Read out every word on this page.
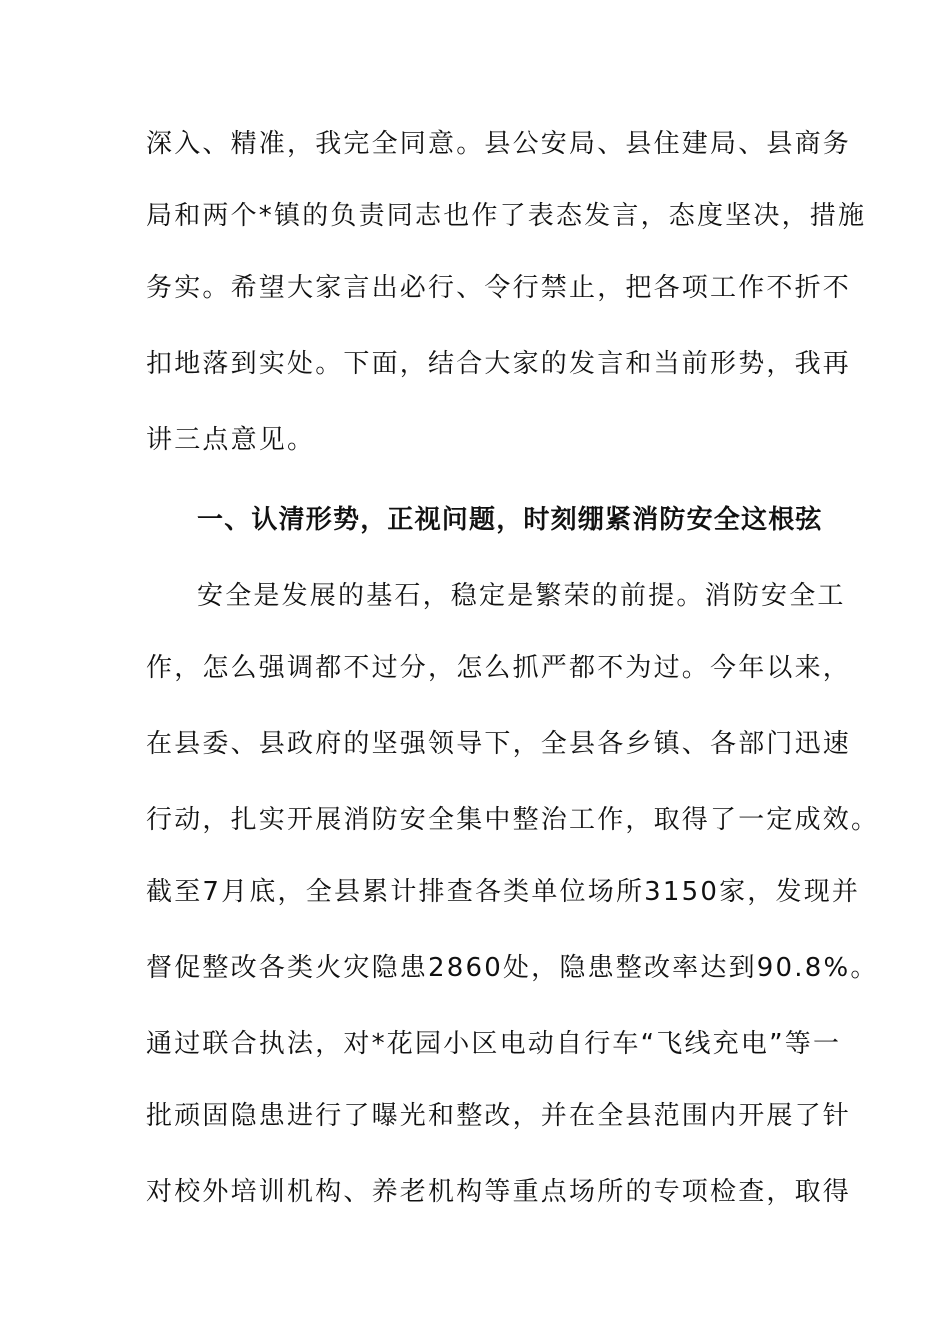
深入、精准，我完全同意。县公安局、县住建局、县商务
局和两个*镇的负责同志也作了表态发言，态度坚决，措施
务实。希望大家言出必行、令行禁止，把各项工作不折不
扣地落到实处。下面，结合大家的发言和当前形势，我再
讲三点意见。
一、认清形势，正视问题，时刻绷紧消防安全这根弦
安全是发展的基石，稳定是繁荣的前提。消防安全工
作，怎么强调都不过分，怎么抓严都不为过。今年以来，
在县委、县政府的坚强领导下，全县各乡镇、各部门迅速
行动，扎实开展消防安全集中整治工作，取得了一定成效。
截至7月底，全县累计排查各类单位场所3150家，发现并
督促整改各类火灾隐患2860处，隐患整改率达到90.8%。
通过联合执法，对*花园小区电动自行车“飞线充电”等一
批顽固隐患进行了曝光和整改，并在全县范围内开展了针
对校外培训机构、养老机构等重点场所的专项检查，取得
